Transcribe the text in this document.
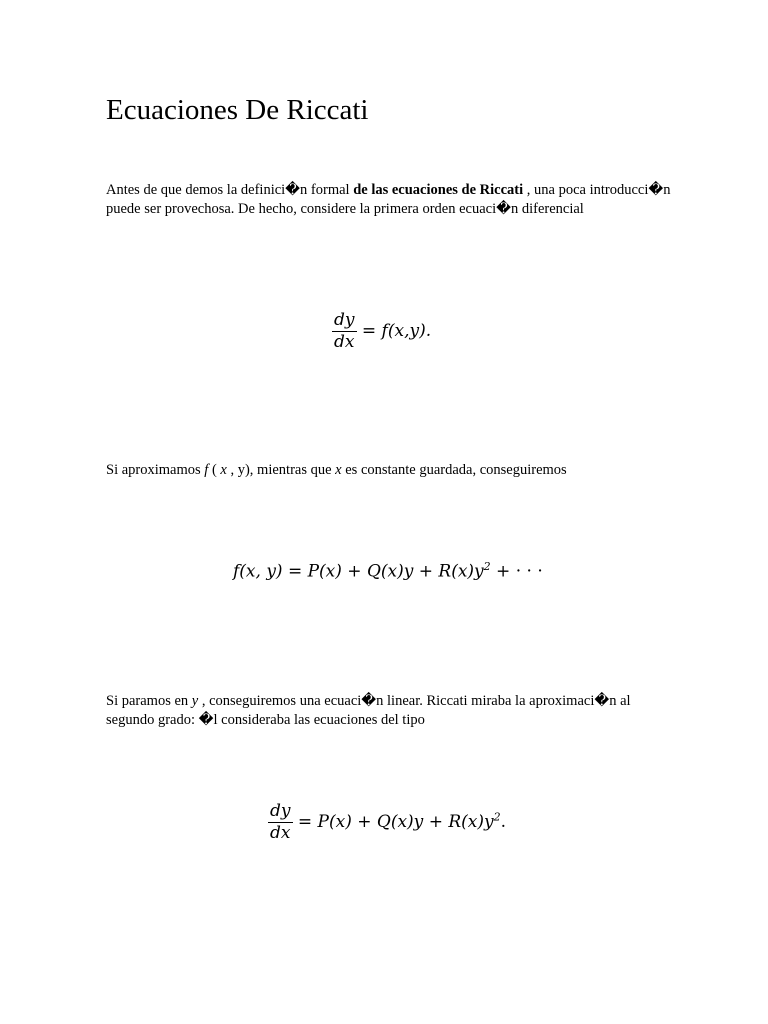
Ecuaciones De Riccati

Antes de que demos la definici�n formal de las ecuaciones de Riccati , una poca introducci�n puede ser provechosa. De hecho, considere la primera orden ecuaci�n diferencial

$\frac{dy}{dx} = f(x,y)$.

Si aproximamos f ( x , y), mientras que x es constante guardada, conseguiremos

f(x, $y) = P(x) + Q(x)y + R(x)y^2$ + · · ·

Si paramos en y , conseguiremos una ecuaci�n linear. Riccati miraba la aproximaci�n al segundo grado: �l consideraba las ecuaciones del tipo

$\frac{dy}{dx} = P(x) + Q(x)y + R(x)y^2$.
